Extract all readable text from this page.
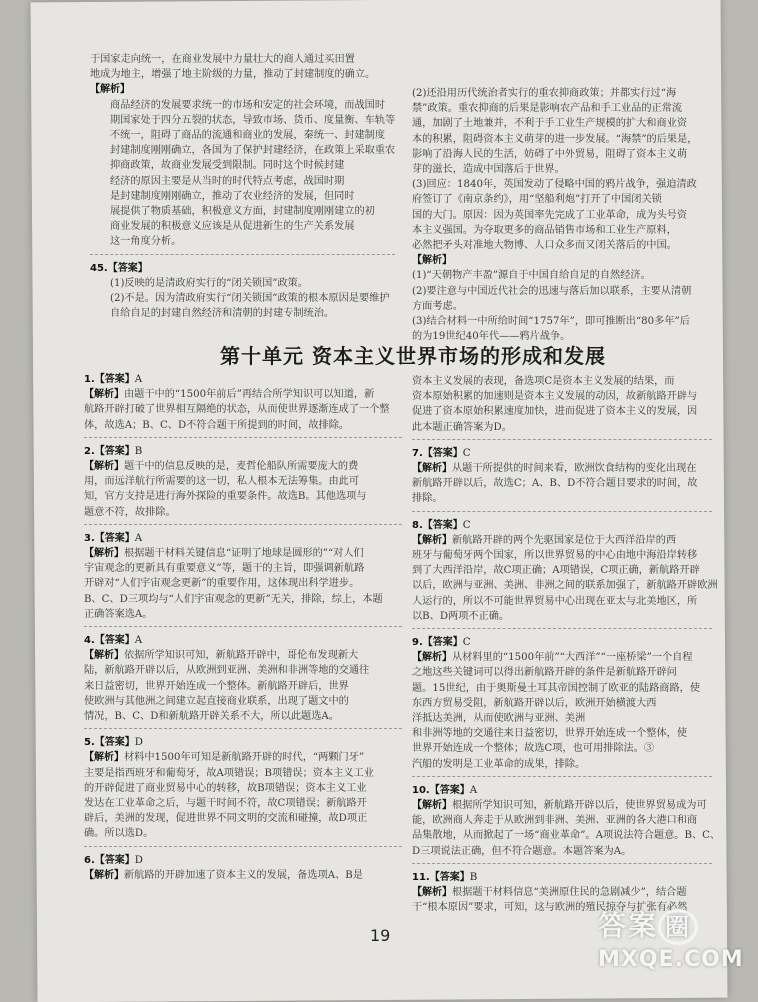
于国家走向统一，在商业发展中力量壮大的商人通过买田置
地成为地主，增强了地主阶级的力量，推动了封建制度的确立。
【解析】
商品经济的发展要求统一的市场和安定的社会环境，而战国时
期国家处于四分五裂的状态，导致市场、货币、度量衡、车轨等
不统一，阻碍了商品的流通和商业的发展，秦统一、封建制度
封建制度刚刚确立，各国为了保护封建经济，在政策上采取重农
抑商政策，故商业发展受到限制。同时这个时候封建
经济的原因主要是从当时的时代特点考虑，战国时期
是封建制度刚刚确立，推动了农业经济的发展，但同时
展提供了物质基础，积极意义方面，封建制度刚刚建立的初
商业发展的积极意义应该是从促进新生的生产关系发展
这一角度分析。
45.【答案】
(1)反映的是清政府实行的“闭关锁国”政策。
(2)不是。因为清政府实行“闭关锁国”政策的根本原因是要维护
自给自足的封建自然经济和清朝的封建专制统治。
(2)还沿用历代统治者实行的重农抑商政策；并都实行过“海
禁”政策。重农抑商的后果是影响农产品和手工业品的正常流
通，加剧了土地兼并，不利于手工业生产规模的扩大和商业资
本的积累，阻碍资本主义萌芽的进一步发展。“海禁”的后果是，
影响了沿海人民的生活，妨碍了中外贸易，阻碍了资本主义萌
芽的滋长，造成中国落后于世界。
(3)回应：1840年，英国发动了侵略中国的鸦片战争，强迫清政
府签订了《南京条约》，用“坚船利炮”打开了中国闭关锁
国的大门。原因：因为英国率先完成了工业革命，成为头号资
本主义强国。为夺取更多的商品销售市场和工业生产原料，
必然把矛头对准地大物博、人口众多而又闭关落后的中国。
【解析】
(1)“天朝物产丰盈”源自于中国自给自足的自然经济。
(2)要注意与中国近代社会的迅速与落后加以联系，主要从清朝
方面考虑。
(3)结合材料一中所给时间“1757年”，即可推断出“80多年”后
的为19世纪40年代——鸦片战争。
第十单元 资本主义世界市场的形成和发展
1.【答案】A
【解析】由题干中的“1500年前后”再结合所学知识可以知道，新
航路开辟打破了世界相互隔绝的状态，从而使世界逐渐连成了一个整
体，故选A；B、C、D不符合题干所提到的时间，故排除。
2.【答案】B
【解析】题干中的信息反映的是，麦哲伦船队所需要庞大的费
用，而远洋航行所需要的这一切，私人根本无法筹集。由此可
知，官方支持是进行海外探险的重要条件。故选B。其他选项与
题意不符，故排除。
3.【答案】A
【解析】根据题干材料关键信息“证明了地球是圆形的”“对人们
宇宙观念的更新具有重要意义”等，题干的主旨，即强调新航路
开辟对“人们宇宙观念更新”的重要作用，这体现出科学进步。
B、C、D三项均与“人们宇宙观念的更新”无关，排除，综上，本题
正确答案选A。
4.【答案】A
【解析】依据所学知识可知，新航路开辟中，哥伦布发现新大
陆，新航路开辟以后，从欧洲到亚洲、美洲和非洲等地的交通往
来日益密切，世界开始连成一个整体。新航路开辟后，世界
使欧洲与其他洲之间建立起直接商业联系，出现了题文中的
情况，B、C、D和新航路开辟关系不大，所以此题选A。
5.【答案】D
【解析】材料中1500年可知是新航路开辟的时代，“两颗门牙”
主要是指西班牙和葡萄牙，故A项错误；B项错误；资本主义工业
的开辟促进了商业贸易中心的转移，故B项错误；资本主义工业
发达在工业革命之后，与题干时间不符，故C项错误；新航路开
辟后，美洲的发现，促进世界不同文明的交流和碰撞，故D项正
确。所以选D。
6.【答案】D
【解析】新航路的开辟加速了资本主义的发展，备选项A、B是
资本主义发展的表现，备选项C是资本主义发展的结果，而
资本原始积累的加速则是资本主义发展的动因，故新航路开辟与
促进了资本原始积累速度加快，进而促进了资本主义的发展，因
此本题正确答案为D。
7.【答案】C
【解析】从题干所提供的时间来看，欧洲饮食结构的变化出现在
新航路开辟以后，故选C；A、B、D不符合题目要求的时间，故
排除。
8.【答案】C
【解析】新航路开辟的两个先驱国家是位于大西洋沿岸的西
班牙与葡萄牙两个国家，所以世界贸易的中心由地中海沿岸转移
到了大西洋沿岸，故C项正确；A项错误，C项正确，新航路开辟
以后，欧洲与亚洲、美洲、非洲之间的联系加强了，新航路开辟欧洲
人运行的，所以不可能世界贸易中心出现在亚太与北美地区，所
以B、D两项不正确。
9.【答案】C
【解析】从材料里的“1500年前”“大西洋”“一座桥梁”一个自程
之地这些关键词可以得出新航路开辟的条件是新航路开辟问
题。15世纪，由于奥斯曼土耳其帝国控制了欧亚的陆路商路，使
东西方贸易受阻，新航路开辟以后，欧洲开始横渡大西
洋抵达美洲，从而使欧洲与亚洲、美洲
和非洲等地的交通往来日益密切，世界开始连成一个整体，使
世界开始连成一个整体；故选C项，也可用排除法。③
汽船的发明是工业革命的成果，排除。
10.【答案】A
【解析】根据所学知识可知，新航路开辟以后，使世界贸易成为可
能，欧洲商人奔走于从欧洲到非洲、美洲、亚洲的各大港口和商
品集散地，从而掀起了一场“商业革命”。A项说法符合题意。B、C、
D三项说法正确，但不符合题意。本题答案为A。
11.【答案】B
【解析】根据题干材料信息“美洲原住民的急剧减少”，结合题
干“根本原因”要求，可知，这与欧洲的殖民掠夺与扩张有必然
19	答案 圈
MXQE.COM
